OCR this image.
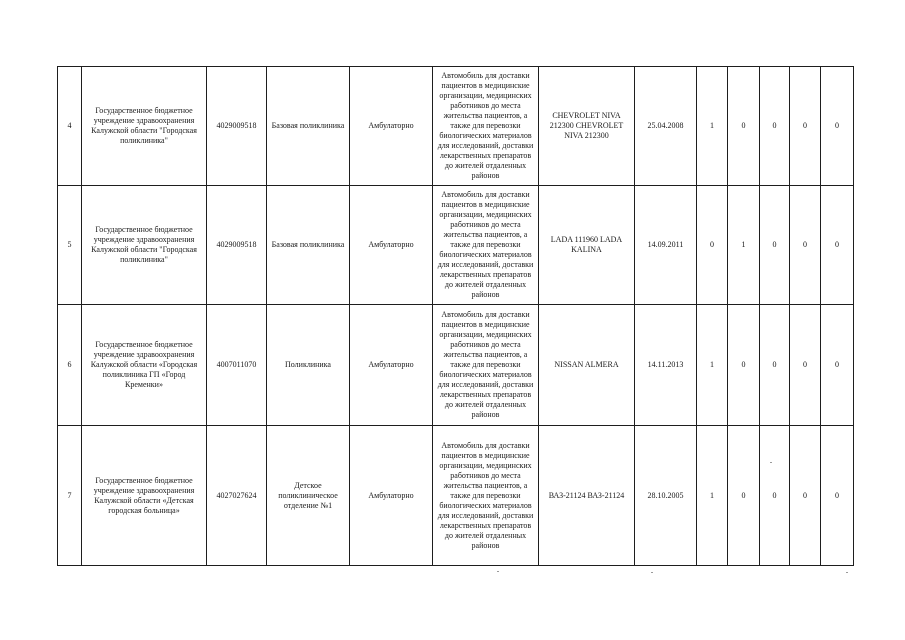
4	Государственное бюджетное учреждение здравоохранения Калужской области "Городская поликлиника"	4029009518	Базовая поликлиника	Амбулаторно	Автомобиль для доставки пациентов в медицинские организации, медицинских работников до места жительства пациентов, а также для перевозки биологических материалов для исследований, доставки лекарственных препаратов до жителей отдаленных районов	CHEVROLET NIVA 212300 CHEVROLET NIVA 212300	25.04.2008	1	0	0	0	0
5	Государственное бюджетное учреждение здравоохранения Калужской области "Городская поликлиника"	4029009518	Базовая поликлиника	Амбулаторно	Автомобиль для доставки пациентов в медицинские организации, медицинских работников до места жительства пациентов, а также для перевозки биологических материалов для исследований, доставки лекарственных препаратов до жителей отдаленных районов	LADA 111960 LADA KALINA	14.09.2011	0	1	0	0	0
6	Государственное бюджетное учреждение здравоохранения Калужской области «Городская поликлиника ГП «Город Кременки»	4007011070	Поликлиника	Амбулаторно	Автомобиль для доставки пациентов в медицинские организации, медицинских работников до места жительства пациентов, а также для перевозки биологических материалов для исследований, доставки лекарственных препаратов до жителей отдаленных районов	NISSAN ALMERA	14.11.2013	1	0	0	0	0
7	Государственное бюджетное учреждение здравоохранения Калужской области «Детская городская больница»	4027027624	Детское поликлиническое отделение №1	Амбулаторно	Автомобиль для доставки пациентов в медицинские организации, медицинских работников до места жительства пациентов, а также для перевозки биологических материалов для исследований, доставки лекарственных препаратов до жителей отдаленных районов	ВАЗ-21124 ВАЗ-21124	28.10.2005	1	0	0	0	0
